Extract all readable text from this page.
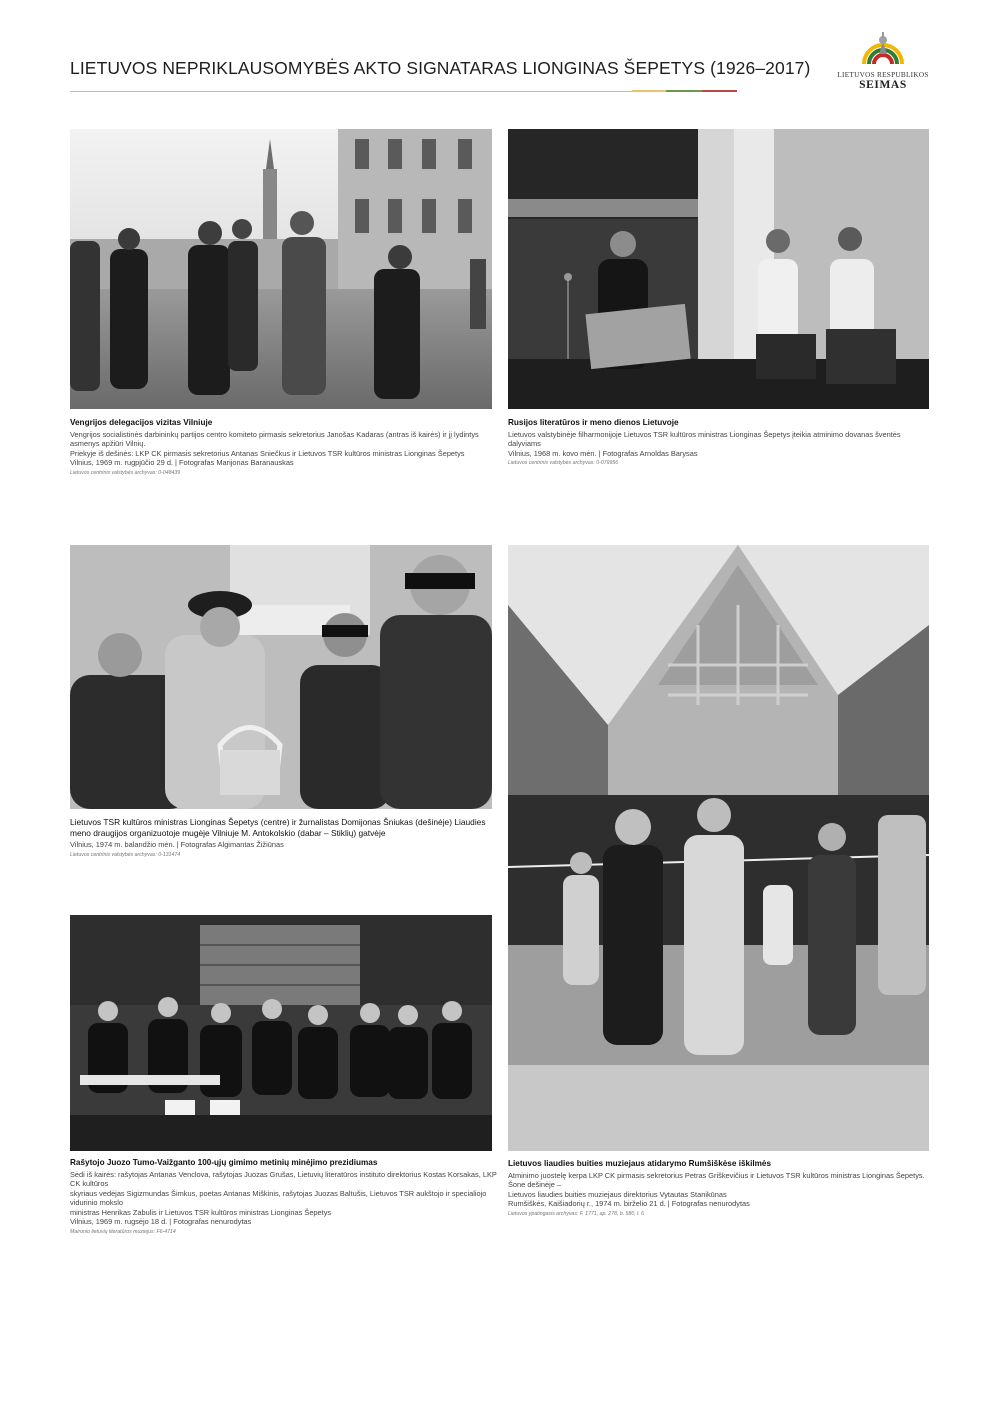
LIETUVOS NEPRIKLAUSOMYBĖS AKTO SIGNATARAS LIONGINAS ŠEPETYS (1926–2017)	LIETUVOS RESPUBLIKOS
SEIMAS
Vengrijos delegacijos vizitas Vilniuje
Vengrijos socialistinės darbininkų partijos centro komiteto pirmasis sekretorius Janošas Kadaras (antras iš kairės) ir jį lydintys asmenys apžiūri Vilnių.
Priekyje iš dešinės: LKP CK pirmasis sekretorius Antanas Sniečkus ir Lietuvos TSR kultūros ministras Lionginas Šepetys
Vilnius, 1969 m. rugpjūčio 29 d. | Fotografas Marijonas Baranauskas
Lietuvos centrinis valstybės archyvas: 0-048439
Rusijos literatūros ir meno dienos Lietuvoje
Lietuvos valstybinėje filharmonijoje Lietuvos TSR kultūros ministras Lionginas Šepetys įteikia atminimo dovanas šventės dalyviams
Vilnius, 1968 m. kovo mėn. | Fotografas Arnoldas Barysas
Lietuvos centrinis valstybės archyvas: 0-079956
Lietuvos TSR kultūros ministras Lionginas Šepetys (centre) ir žurnalistas Domijonas Šniukas (dešinėje) Liaudies meno draugijos organizuotoje mugėje Vilniuje M. Antokolskio (dabar – Stiklių) gatvėje
Vilnius, 1974 m. balandžio mėn. | Fotografas Algimantas Žižiūnas
Lietuvos centrinis valstybės archyvas: 0-131474
Rašytojo Juozo Tumo-Vaižganto 100-ųjų gimimo metinių minėjimo prezidiumas
Sėdi iš kairės: rašytojas Antanas Venclova, rašytojas Juozas Grušas, Lietuvių literatūros instituto direktorius Kostas Korsakas, LKP CK kultūros
skyriaus vedėjas Sigizmundas Šimkus, poetas Antanas Miškinis, rašytojas Juozas Baltušis, Lietuvos TSR aukštojo ir specialiojo vidurinio mokslo
ministras Henrikas Zabulis ir Lietuvos TSR kultūros ministras Lionginas Šepetys
Vilnius, 1969 m. rugsėjo 18 d. | Fotografas nenurodytas
Maironio lietuvių literatūros muziejus: F6-4714
Lietuvos liaudies buities muziejaus atidarymo Rumšiškėse iškilmės
Atminimo juostelę kerpa LKP CK pirmasis sekretorius Petras Griškevičius ir Lietuvos TSR kultūros ministras Lionginas Šepetys. Šone dešinėje –
Lietuvos liaudies buities muziejaus direktorius Vytautas Stanikūnas
Rumšiškės, Kaišiadorių r., 1974 m. birželio 21 d. | Fotografas nenurodytas
Lietuvos ypatingasis archyvas: F. 1771, ap. 278, b. 580, l. 6
